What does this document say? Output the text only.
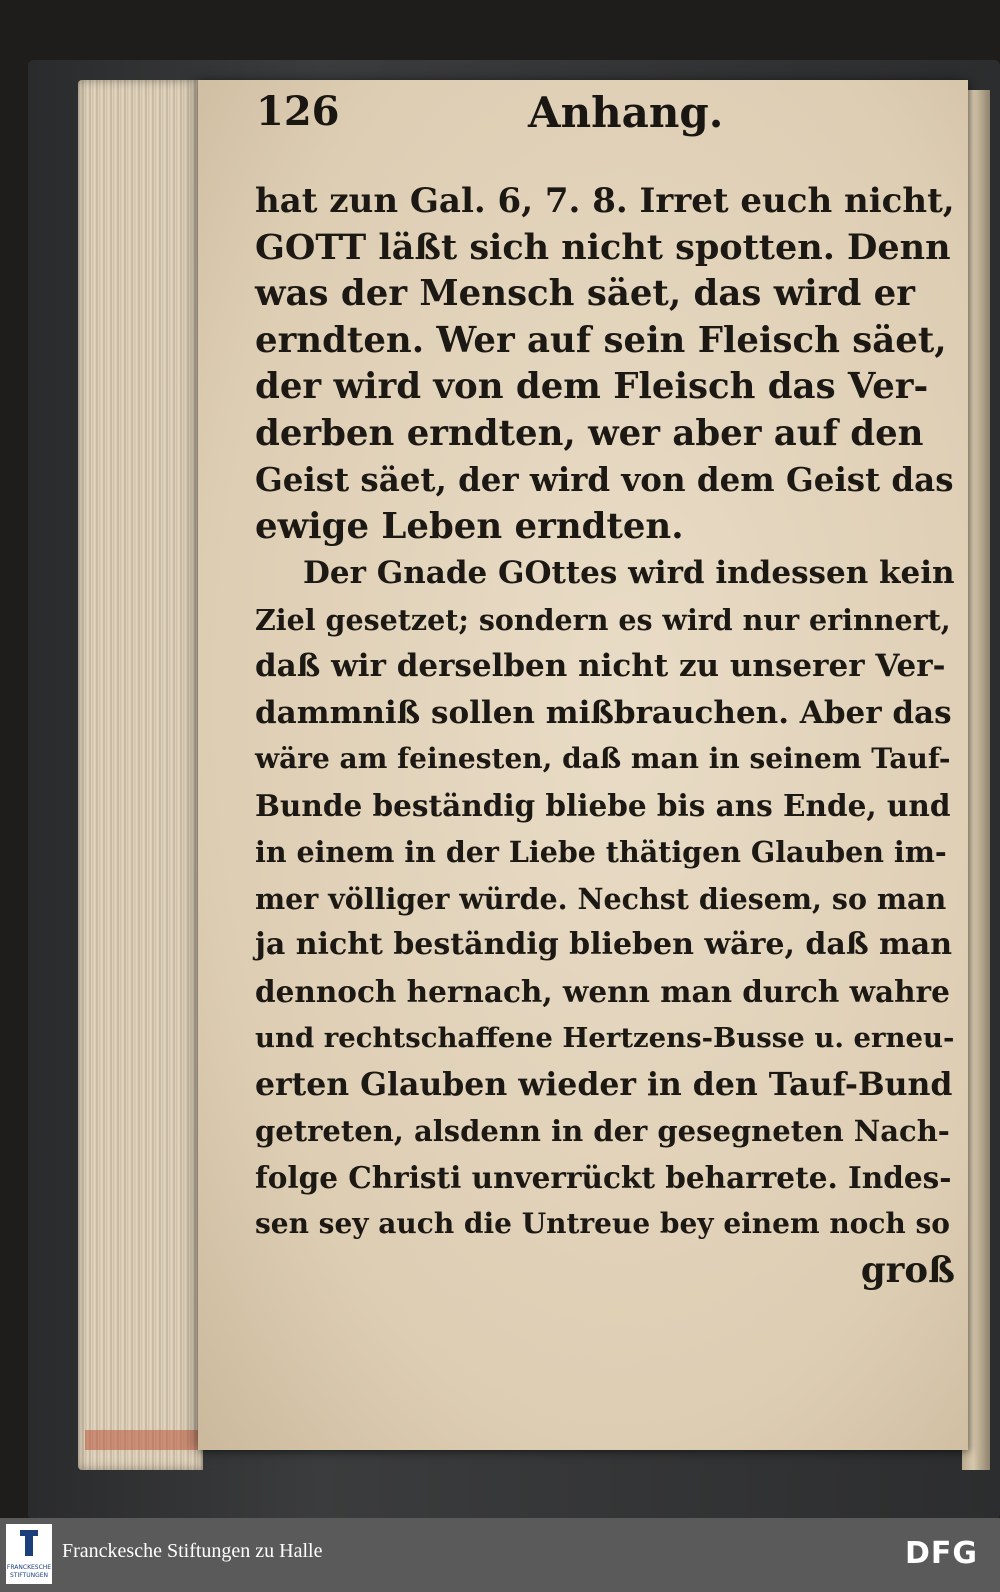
126	Anhang.
hat zun Gal. 6, 7. 8. Irret euch nicht,
GOTT läßt sich nicht spotten. Denn
was der Mensch säet, das wird er
erndten. Wer auf sein Fleisch säet,
der wird von dem Fleisch das Ver-
derben erndten, wer aber auf den
Geist säet, der wird von dem Geist das
ewige Leben erndten.
Der Gnade GOttes wird indessen kein
Ziel gesetzet; sondern es wird nur erinnert,
daß wir derselben nicht zu unserer Ver-
dammniß sollen mißbrauchen. Aber das
wäre am feinesten, daß man in seinem Tauf-
Bunde beständig bliebe bis ans Ende, und
in einem in der Liebe thätigen Glauben im-
mer völliger würde. Nechst diesem, so man
ja nicht beständig blieben wäre, daß man
dennoch hernach, wenn man durch wahre
und rechtschaffene Hertzens-Busse u. erneu-
erten Glauben wieder in den Tauf-Bund
getreten, alsdenn in der gesegneten Nach-
folge Christi unverrückt beharrete. Indes-
sen sey auch die Untreue bey einem noch so
groß
FRANCKESCHE STIFTUNGEN
Franckesche Stiftungen zu Halle	DFG
